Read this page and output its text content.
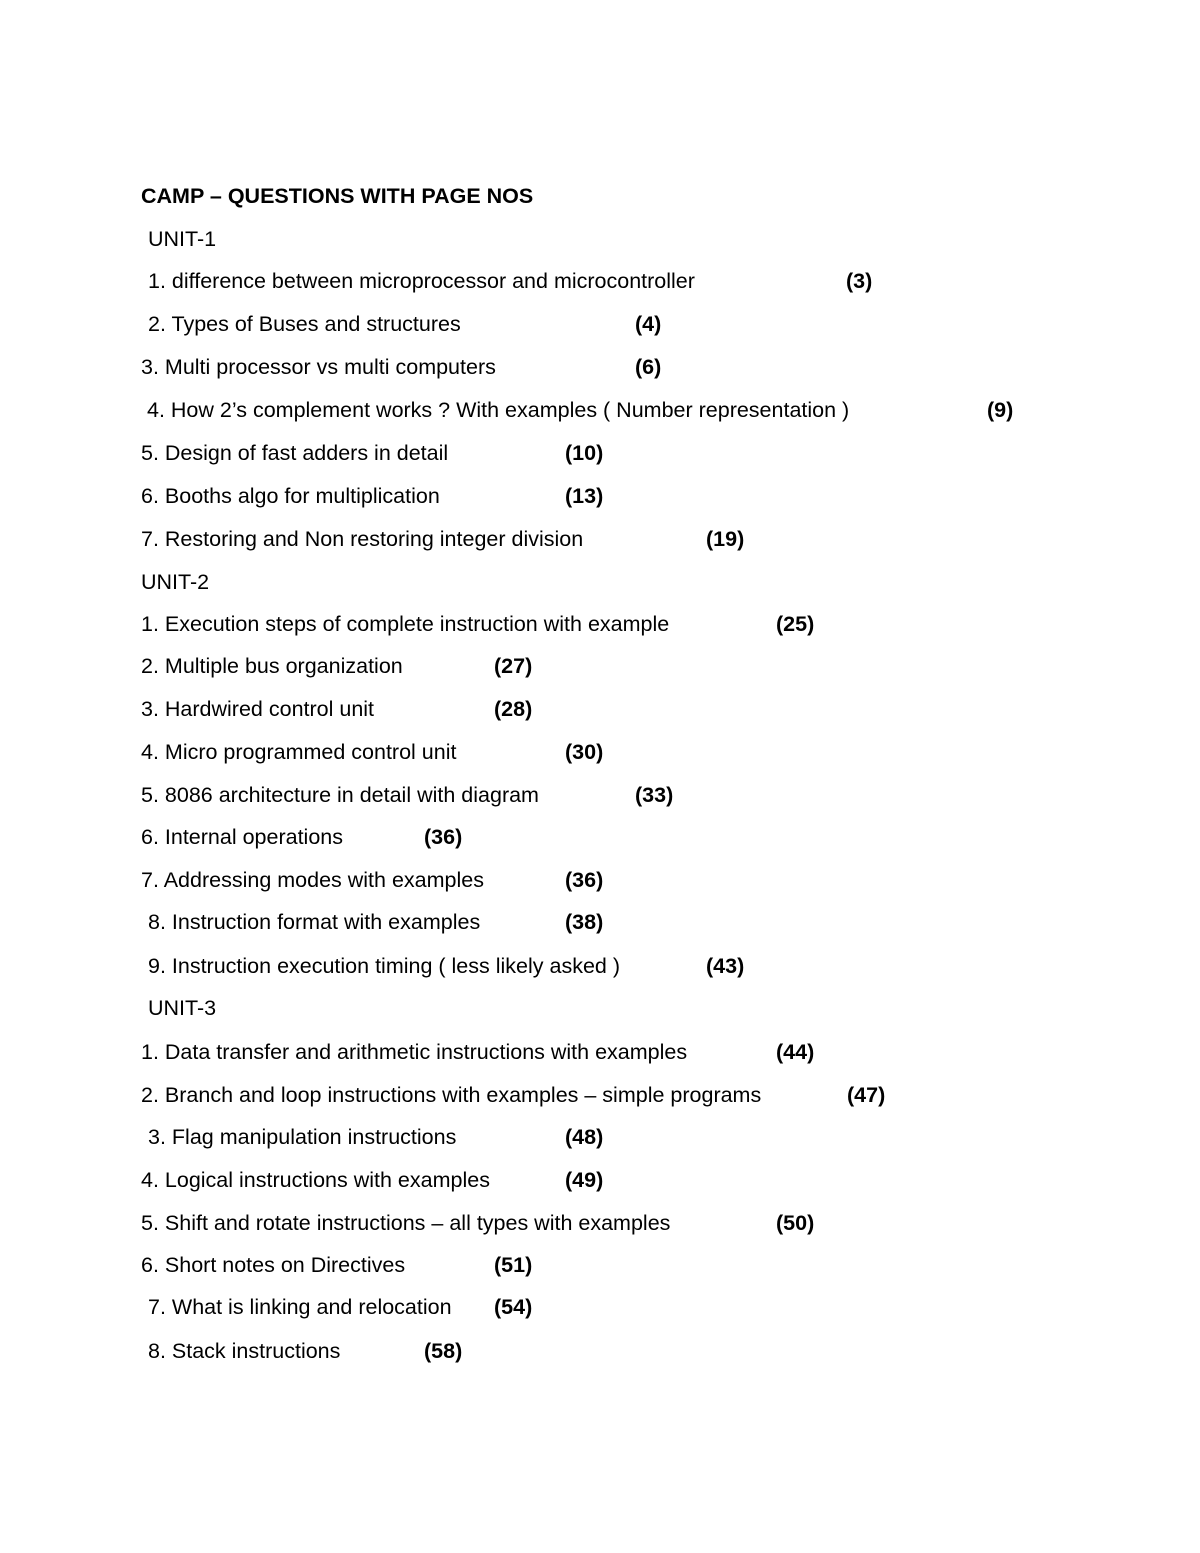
CAMP – QUESTIONS WITH PAGE NOS
UNIT-1
1. difference between microprocessor and microcontroller	(3)
2. Types of Buses and structures	(4)
3. Multi processor vs multi computers	(6)
4. How 2’s complement works ? With examples ( Number representation )	(9)
5. Design of fast adders in detail	(10)
6. Booths algo for multiplication	(13)
7. Restoring and Non restoring integer division	(19)
UNIT-2
1. Execution steps of complete instruction with example	(25)
2. Multiple bus organization	(27)
3. Hardwired control unit	(28)
4. Micro programmed control unit	(30)
5. 8086 architecture in detail with diagram	(33)
6. Internal operations	(36)
7. Addressing modes with examples	(36)
8. Instruction format with examples	(38)
9. Instruction execution timing ( less likely asked )	(43)
UNIT-3
1. Data transfer and arithmetic instructions with examples	(44)
2. Branch and loop instructions with examples – simple programs	(47)
3. Flag manipulation instructions	(48)
4. Logical instructions with examples	(49)
5. Shift and rotate instructions – all types with examples	(50)
6. Short notes on Directives	(51)
7. What is linking and relocation (54)
8. Stack instructions	(58)
